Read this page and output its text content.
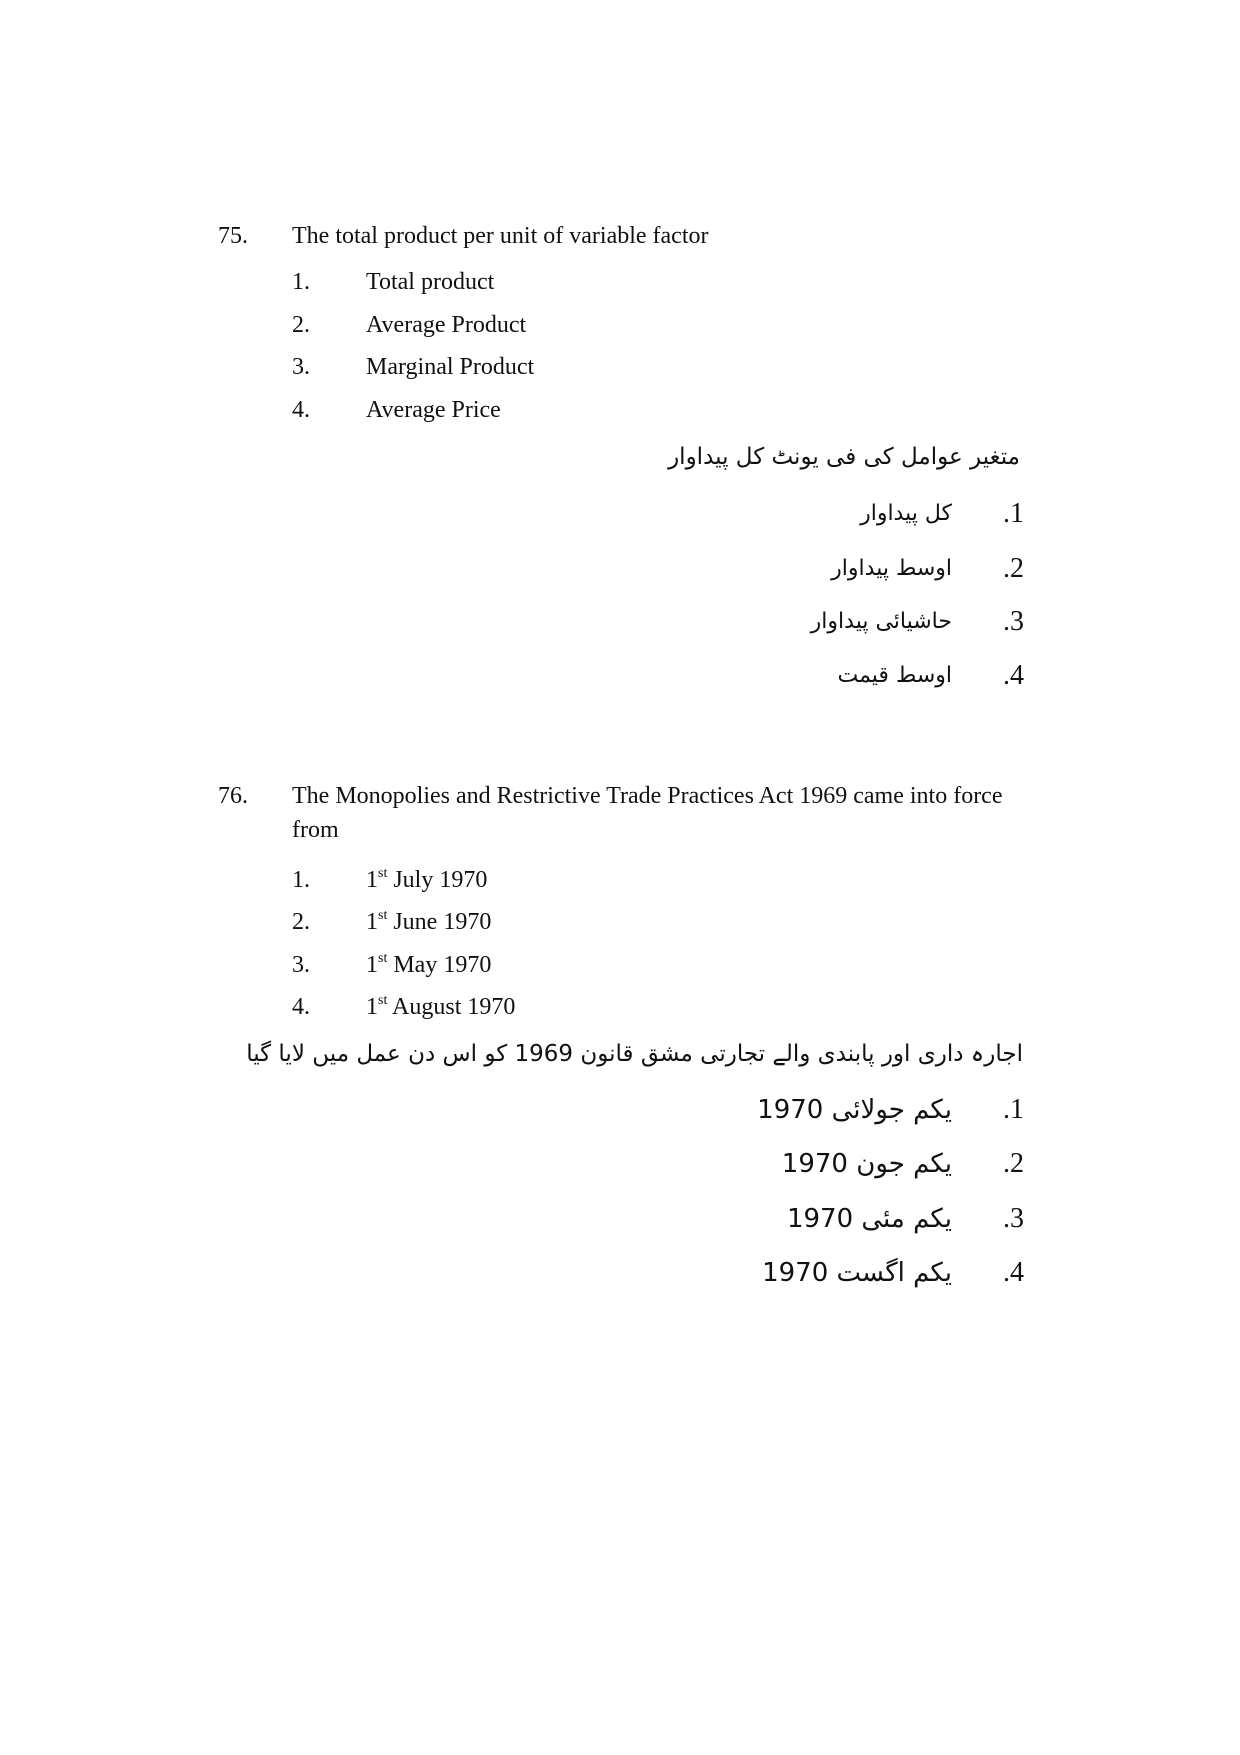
75. The total product per unit of variable factor
1. Total product
2. Average Product
3. Marginal Product
4. Average Price
متغیر عوامل کی فی یونٹ کل پیداوار
.1
کل پیداوار
.2
اوسط پیداوار
.3
حاشیائی پیداوار
.4
اوسط قیمت
76. The Monopolies and Restrictive Trade Practices Act 1969 came into force from
1. 1st July 1970
2. 1st June 1970
3. 1st May 1970
4. 1st August 1970
اجارہ داری اور پابندی والے تجارتی مشق قانون 1969 کو اس دن عمل میں لایا گیا
.1
یکم جولائی 1970
.2
یکم جون 1970
.3
یکم مئی 1970
.4
یکم اگست 1970
